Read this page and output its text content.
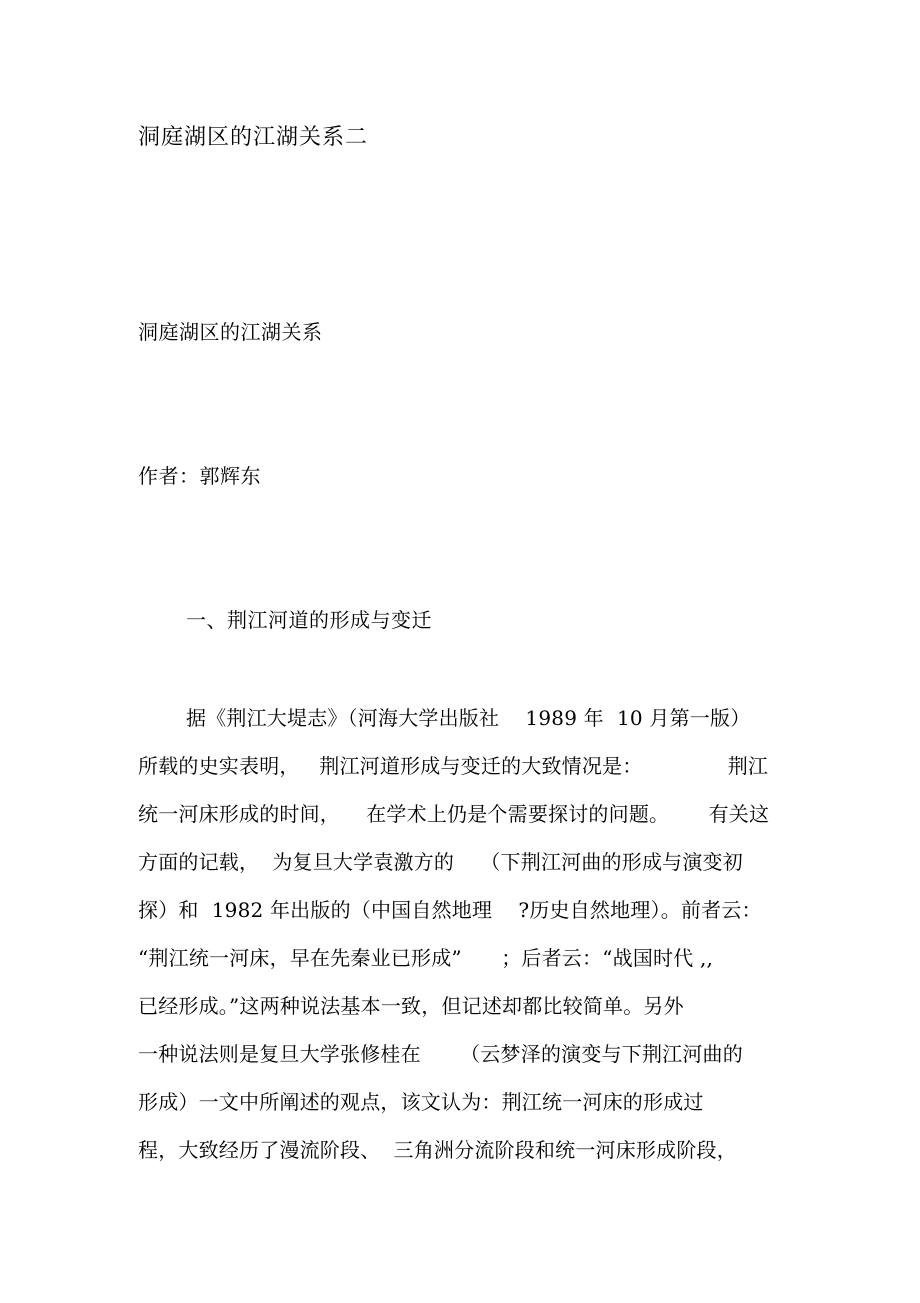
洞庭湖区的江湖关系二
洞庭湖区的江湖关系
作者：郭辉东
一、荆江河道的形成与变迁
据《荆江大堤志》（河海大学出版社    1989 年  10 月第一版）
所载的史实表明，   荆江河道形成与变迁的大致情况是：             荆江
统一河床形成的时间，    在学术上仍是个需要探讨的问题。      有关这
方面的记载，  为复旦大学袁激方的    （下荆江河曲的形成与演变初
探）和  1982 年出版的（中国自然地理    ?历史自然地理）。前者云：
“荆江统一河床，早在先秦业已形成”      ；后者云：“战国时代 ,,
已经形成。”这两种说法基本一致，但记述却都比较简单。另外
一种说法则是复旦大学张修桂在      （云梦泽的演变与下荆江河曲的
形成）一文中所阐述的观点，该文认为：荆江统一河床的形成过
程，大致经历了漫流阶段、  三角洲分流阶段和统一河床形成阶段，
